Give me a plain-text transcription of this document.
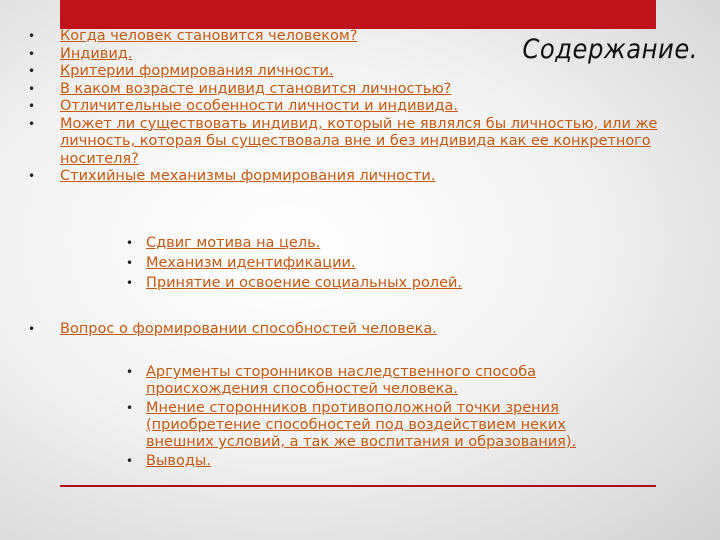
Содержание.
• Когда человек становится человеком?
• Индивид.
• Критерии формирования личности.
• В каком возрасте индивид становится личностью?
• Отличительные особенности личности и индивида.
• Может ли существовать индивид, который не являлся бы личностью, или же личность, которая бы существовала вне и без индивида как ее конкретного носителя?
• Стихийные механизмы формирования личности.
• Сдвиг мотива на цель.
• Механизм идентификации.
• Принятие и освоение социальных ролей.
• Вопрос о формировании способностей человека.
• Аргументы сторонников наследственного способа происхождения способностей человека.
• Мнение сторонников противоположной точки зрения (приобретение способностей под воздействием неких внешних условий, а так же воспитания и образования).
• Выводы.
